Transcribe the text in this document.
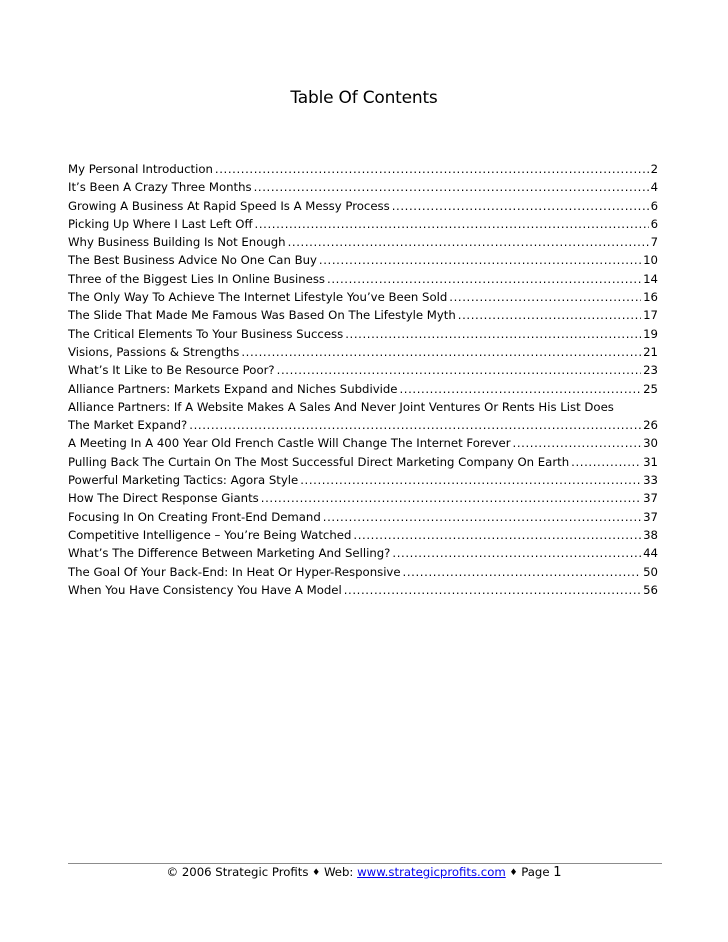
Table Of Contents
My Personal Introduction .....	2
It’s Been A Crazy Three Months .....	4
Growing A Business At Rapid Speed Is A Messy Process .....	6
Picking Up Where I Last Left Off .....	6
Why Business Building Is Not Enough .....	7
The Best Business Advice No One Can Buy .....	10
Three of the Biggest Lies In Online Business .....	14
The Only Way To Achieve The Internet Lifestyle You’ve Been Sold .....	16
The Slide That Made Me Famous Was Based On The Lifestyle Myth .....	17
The Critical Elements To Your Business Success .....	19
Visions, Passions & Strengths .....	21
What’s It Like to Be Resource Poor? .....	23
Alliance Partners: Markets Expand and Niches Subdivide .....	25
Alliance Partners: If A Website Makes A Sales And Never Joint Ventures Or Rents His List Does
The Market Expand? .....	26
A Meeting In A 400 Year Old French Castle Will Change The Internet Forever .....	30
Pulling Back The Curtain On The Most Successful Direct Marketing Company On Earth .....	31
Powerful Marketing Tactics: Agora Style .....	33
How The Direct Response Giants .....	37
Focusing In On Creating Front-End Demand .....	37
Competitive Intelligence – You’re Being Watched .....	38
What’s The Difference Between Marketing And Selling? .....	44
The Goal Of Your Back-End: In Heat Or Hyper-Responsive .....	50
When You Have Consistency You Have A Model .....	56
© 2006 Strategic Profits ♦ Web: www.strategicprofits.com ♦ Page 1
